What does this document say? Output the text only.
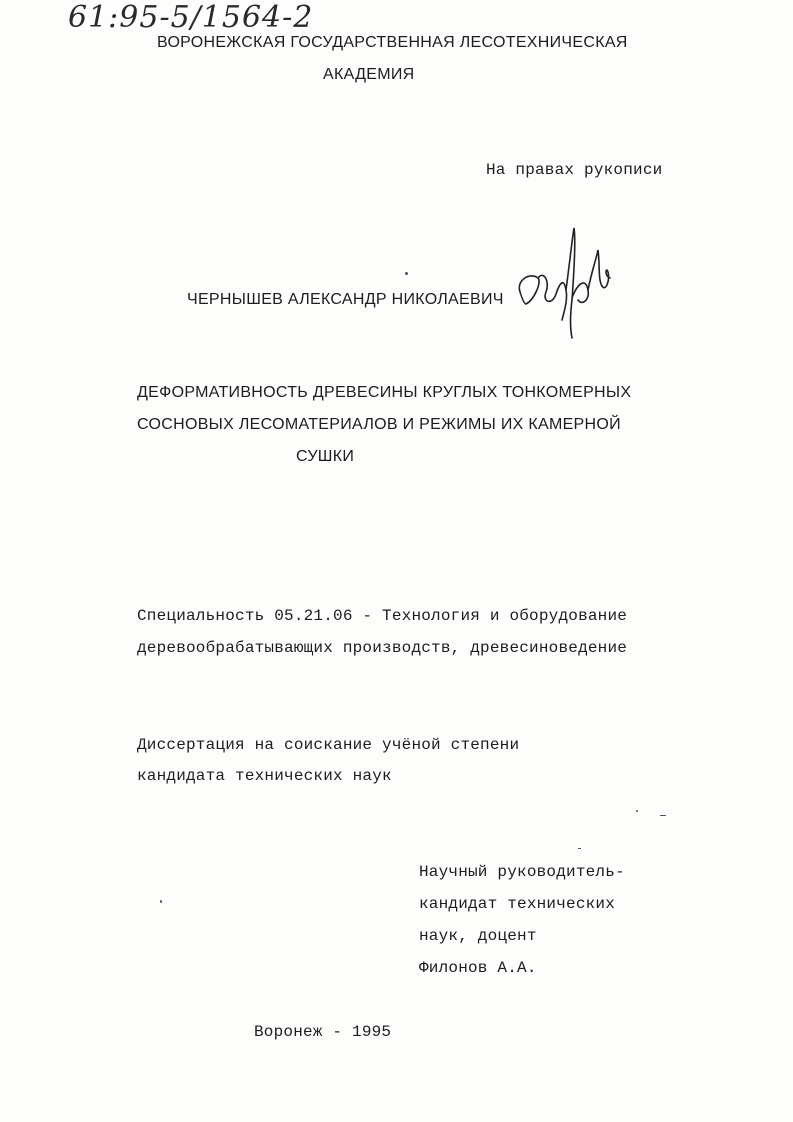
61:95-5/1564-2
ВОРОНЕЖСКАЯ ГОСУДАРСТВЕННАЯ ЛЕСОТЕХНИЧЕСКАЯ
АКАДЕМИЯ
На правах рукописи
ЧЕРНЫШЕВ АЛЕКСАНДР НИКОЛАЕВИЧ
ДЕФОРМАТИВНОСТЬ ДРЕВЕСИНЫ КРУГЛЫХ ТОНКОМЕРНЫХ
СОСНОВЫХ ЛЕСОМАТЕРИАЛОВ И РЕЖИМЫ ИХ КАМЕРНОЙ
СУШКИ
Специальность 05.21.06 - Технология и оборудование
деревообрабатывающих производств, древесиноведение
Диссертация на соискание учёной степени
кандидата технических наук
Научный руководитель-
кандидат технических
наук, доцент
Филонов А.А.
Воронеж - 1995
